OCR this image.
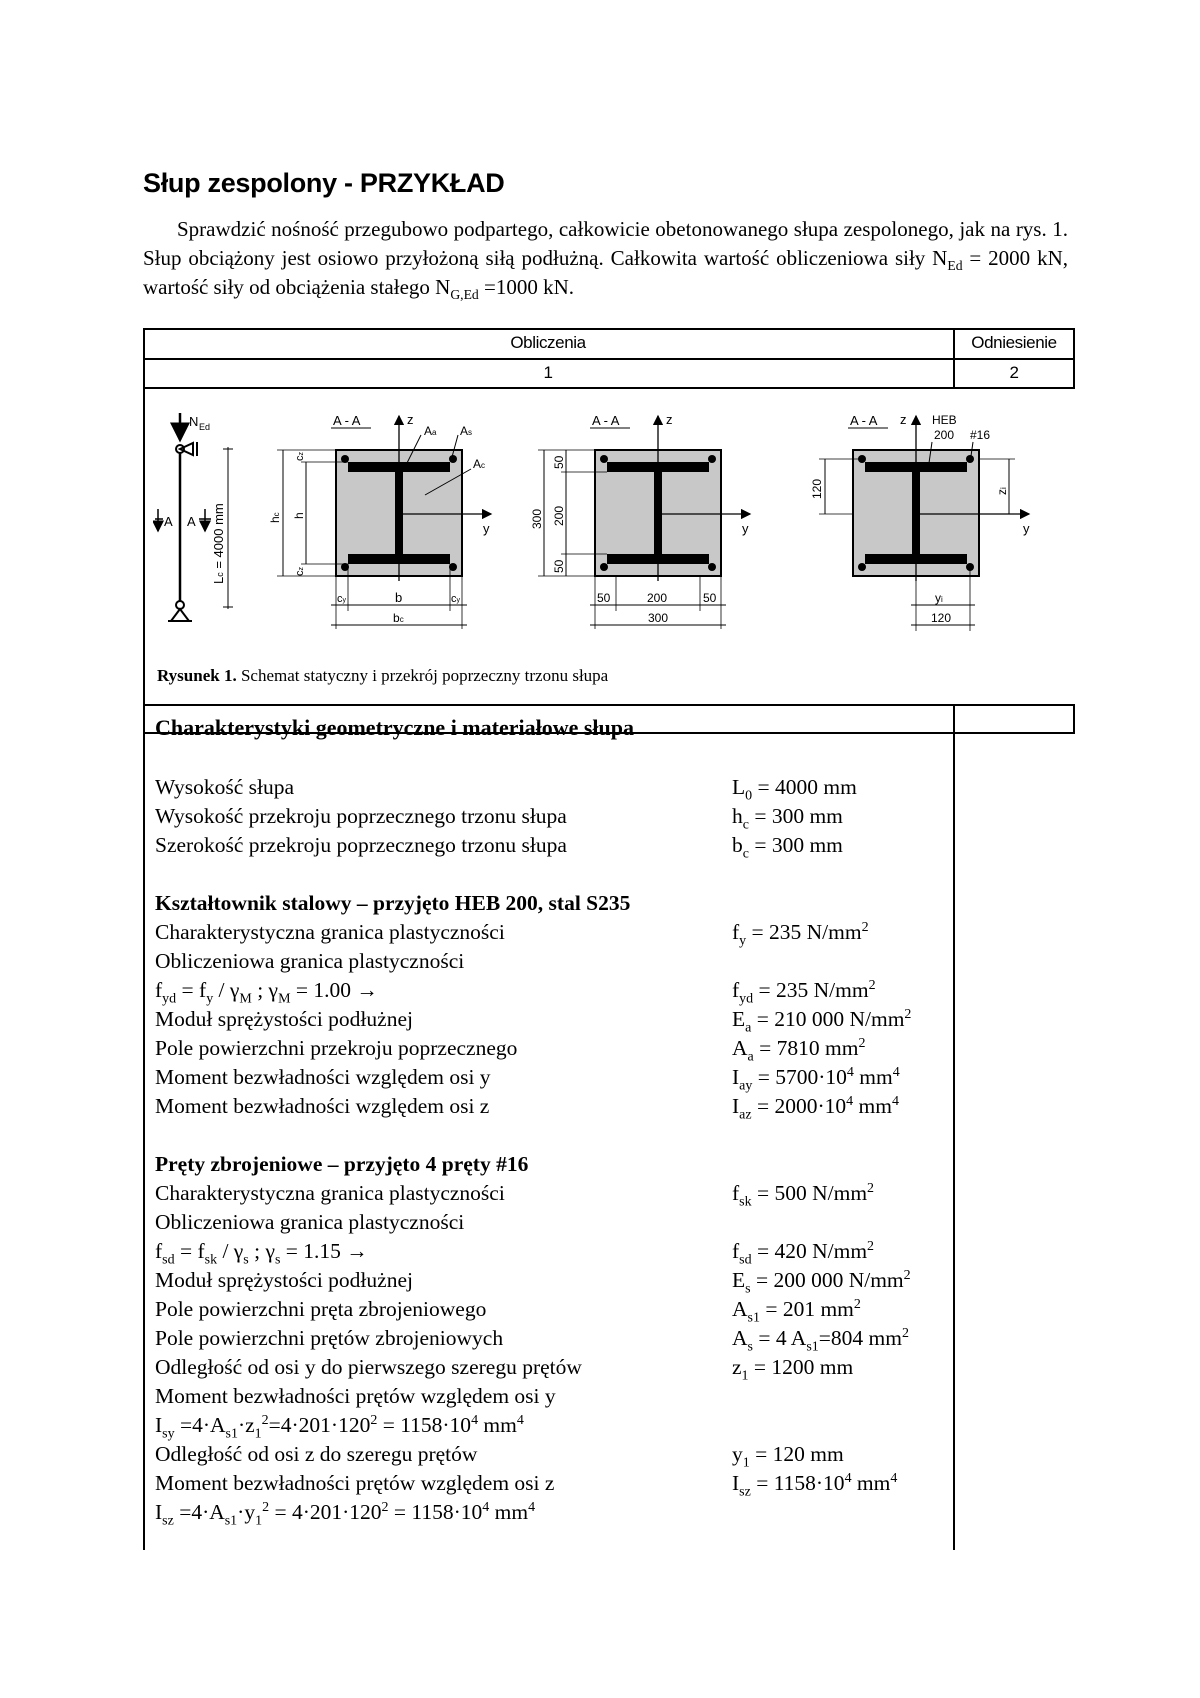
Słup zespolony - PRZYKŁAD

Sprawdzić nośność przegubowo podpartego, całkowicie obetonowanego słupa zespolonego, jak na rys. 1. Słup obciążony jest osiowo przyłożoną siłą podłużną. Całkowita wartość obliczeniowa siły $N_{Ed} = 2000$ kN, wartość siły od obciążenia stałego $N_{G,Ed} =1000$ kN.

Obliczenia	Odniesienie
1	2
N Ed
A A
Lc = 4000 mm
A - A	z
y
Aa As
Ac
hc h
cz
cz
cy	b	cy
bc
A - A	z
y
300
50
200
50
50	200	50
300
A - A z
y
HEB
200 #16
120	zi
yi
120
Rysunek 1. Schemat statyczny i przekrój poprzeczny trzonu słupa
Charakterystyki geometryczne i materiałowe słupa
Wysokość słupa	$L_0 = 4000$ mm
Wysokość przekroju poprzecznego trzonu słupa	$h_c = 300$ mm
Szerokość przekroju poprzecznego trzonu słupa	$b_c = 300$ mm
Kształtownik stalowy – przyjęto HEB 200, stal S235
Charakterystyczna granica plastyczności	$f_y = 235$ $N/mm^2$
Obliczeniowa granica plastyczności
$f_{yd} = f_y / \gamma_M$ ; $\gamma_M = 1.00$ →	$f_{yd} = 235$ $N/mm^2$
Moduł sprężystości podłużnej	$E_a = 210$ 000 $N/mm^2$
Pole powierzchni przekroju poprzecznego	$A_a = 7810$ $mm^2$
Moment bezwładności względem osi y	$I_{ay} = 5700\cdot 10^4$ $mm^4$
Moment bezwładności względem osi z	$I_{az} = 2000\cdot 10^4$ $mm^4$
Pręty zbrojeniowe – przyjęto 4 pręty #16
Charakterystyczna granica plastyczności	$f_{sk} = 500$ $N/mm^2$
Obliczeniowa granica plastyczności
$f_{sd} = f_{sk} / \gamma_s$ ; $\gamma_s = 1.15$ →	$f_{sd} = 420$ $N/mm^2$
Moduł sprężystości podłużnej	$E_s = 200$ 000 $N/mm^2$
Pole powierzchni pręta zbrojeniowego	$A_{s1} = 201$ $mm^2$
Pole powierzchni prętów zbrojeniowych	$A_s = 4$ $A_{s1}=804$ $mm^2$
Odległość od osi y do pierwszego szeregu prętów	$z_1 = 1200$ mm
Moment bezwładności prętów względem osi y
$I_{sy} =4\cdot A_{s1}\cdot z_1^2=4\cdot 201\cdot 120^2 = 1158\cdot 10^4$ $mm^4$
Odległość od osi z do szeregu prętów	$y_1 = 120$ mm
Moment bezwładności prętów względem osi z	$I_{sz} = 1158\cdot 10^4$ $mm^4$
$I_{sz} =4\cdot A_{s1}\cdot y_1^2 = 4\cdot 201\cdot 120^2 = 1158\cdot 10^4$ $mm^4$
